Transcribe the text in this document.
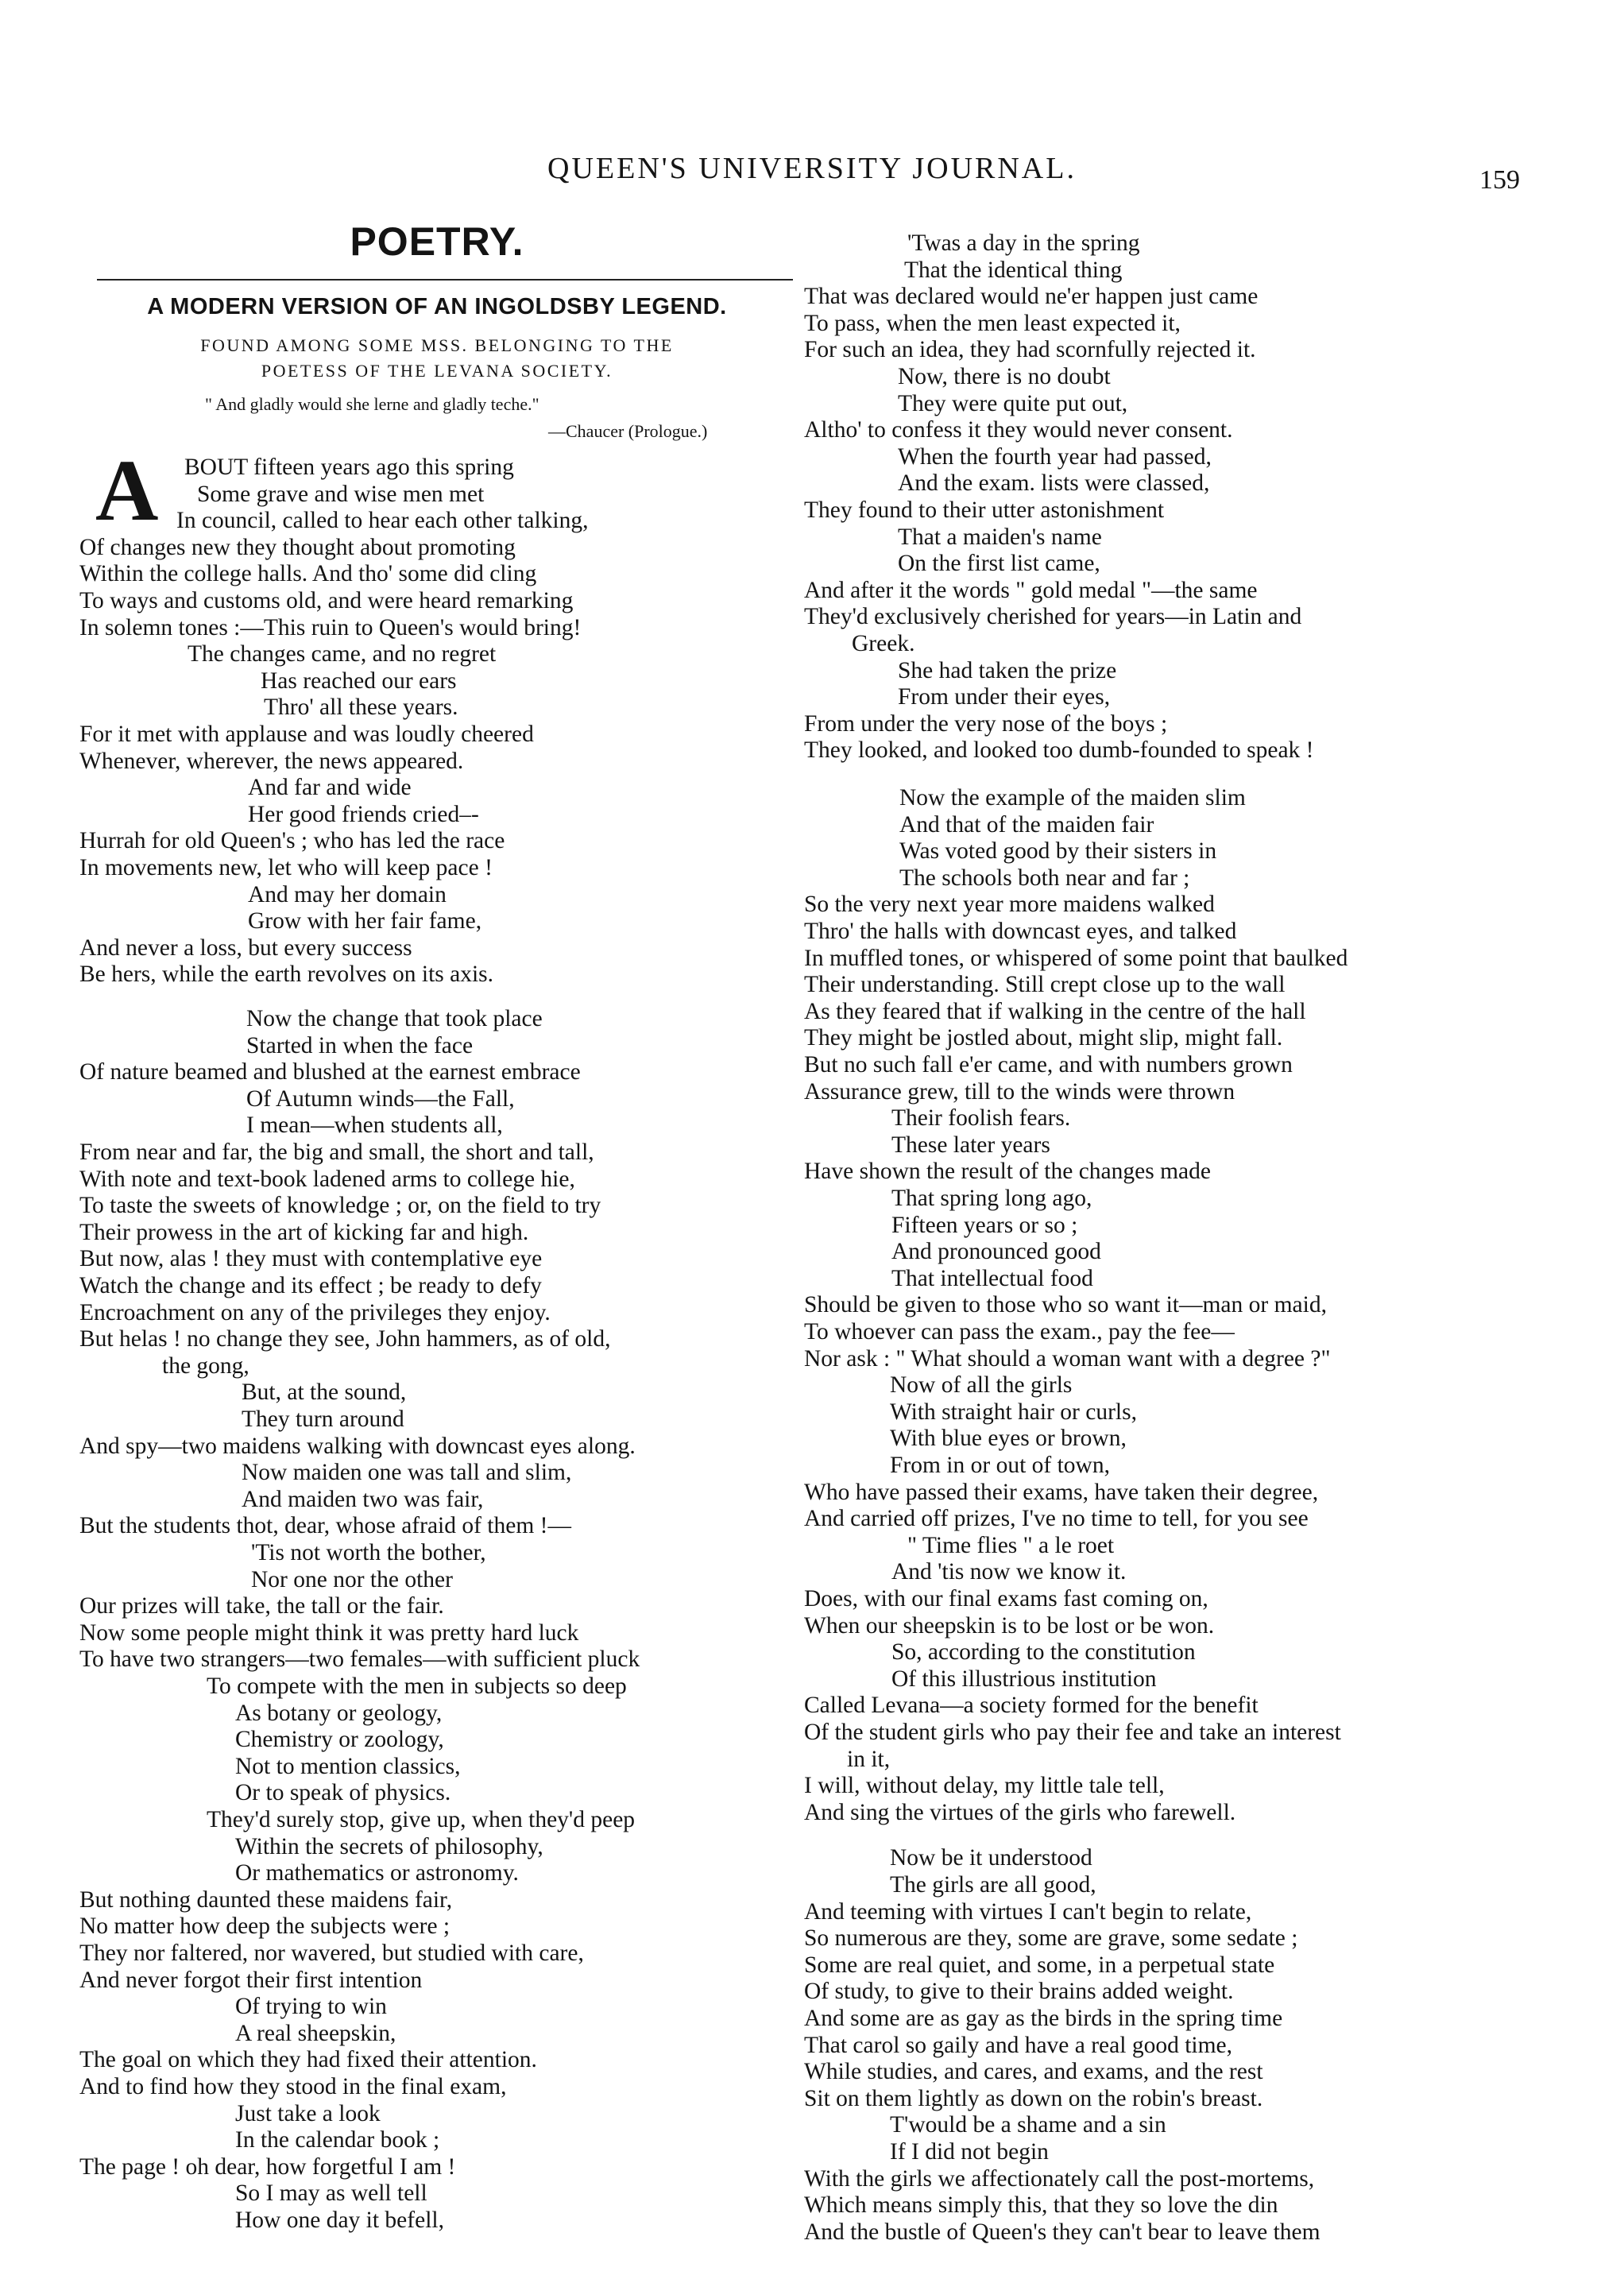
QUEEN'S UNIVERSITY JOURNAL.	159
POETRY.
A MODERN VERSION OF AN INGOLDSBY LEGEND.
FOUND AMONG SOME MSS. BELONGING TO THE
POETESS OF THE LEVANA SOCIETY.
" And gladly would she lerne and gladly teche."
—Chaucer (Prologue.)
A BOUT fifteen years ago this spring
Some grave and wise men met
In council, called to hear each other talking,
Of changes new they thought about promoting
Within the college halls. And tho' some did cling
To ways and customs old, and were heard remarking
In solemn tones :—This ruin to Queen's would bring!
The changes came, and no regret
Has reached our ears
Thro' all these years.
For it met with applause and was loudly cheered
Whenever, wherever, the news appeared.
And far and wide
Her good friends cried–-
Hurrah for old Queen's ; who has led the race
In movements new, let who will keep pace !
And may her domain
Grow with her fair fame,
And never a loss, but every success
Be hers, while the earth revolves on its axis.
Now the change that took place
Started in when the face
Of nature beamed and blushed at the earnest embrace
Of Autumn winds—the Fall,
I mean—when students all,
From near and far, the big and small, the short and tall,
With note and text-book ladened arms to college hie,
To taste the sweets of knowledge ; or, on the field to try
Their prowess in the art of kicking far and high.
But now, alas ! they must with contemplative eye
Watch the change and its effect ; be ready to defy
Encroachment on any of the privileges they enjoy.
But helas ! no change they see, John hammers, as of old,
the gong,
But, at the sound,
They turn around
And spy—two maidens walking with downcast eyes along.
Now maiden one was tall and slim,
And maiden two was fair,
But the students thot, dear, whose afraid of them !—
'Tis not worth the bother,
Nor one nor the other
Our prizes will take, the tall or the fair.
Now some people might think it was pretty hard luck
To have two strangers—two females—with sufficient pluck
To compete with the men in subjects so deep
As botany or geology,
Chemistry or zoology,
Not to mention classics,
Or to speak of physics.
They'd surely stop, give up, when they'd peep
Within the secrets of philosophy,
Or mathematics or astronomy.
But nothing daunted these maidens fair,
No matter how deep the subjects were ;
They nor faltered, nor wavered, but studied with care,
And never forgot their first intention
Of trying to win
A real sheepskin,
The goal on which they had fixed their attention.
And to find how they stood in the final exam,
Just take a look
In the calendar book ;
The page ! oh dear, how forgetful I am !
So I may as well tell
How one day it befell,
'Twas a day in the spring
That the identical thing
That was declared would ne'er happen just came
To pass, when the men least expected it,
For such an idea, they had scornfully rejected it.
Now, there is no doubt
They were quite put out,
Altho' to confess it they would never consent.
When the fourth year had passed,
And the exam. lists were classed,
They found to their utter astonishment
That a maiden's name
On the first list came,
And after it the words " gold medal "—the same
They'd exclusively cherished for years—in Latin and
Greek.
She had taken the prize
From under their eyes,
From under the very nose of the boys ;
They looked, and looked too dumb-founded to speak !
Now the example of the maiden slim
And that of the maiden fair
Was voted good by their sisters in
The schools both near and far ;
So the very next year more maidens walked
Thro' the halls with downcast eyes, and talked
In muffled tones, or whispered of some point that baulked
Their understanding. Still crept close up to the wall
As they feared that if walking in the centre of the hall
They might be jostled about, might slip, might fall.
But no such fall e'er came, and with numbers grown
Assurance grew, till to the winds were thrown
Their foolish fears.
These later years
Have shown the result of the changes made
That spring long ago,
Fifteen years or so ;
And pronounced good
That intellectual food
Should be given to those who so want it—man or maid,
To whoever can pass the exam., pay the fee—
Nor ask : " What should a woman want with a degree ?"
Now of all the girls
With straight hair or curls,
With blue eyes or brown,
From in or out of town,
Who have passed their exams, have taken their degree,
And carried off prizes, I've no time to tell, for you see
" Time flies " a le roet
And 'tis now we know it.
Does, with our final exams fast coming on,
When our sheepskin is to be lost or be won.
So, according to the constitution
Of this illustrious institution
Called Levana—a society formed for the benefit
Of the student girls who pay their fee and take an interest
in it,
I will, without delay, my little tale tell,
And sing the virtues of the girls who farewell.
Now be it understood
The girls are all good,
And teeming with virtues I can't begin to relate,
So numerous are they, some are grave, some sedate ;
Some are real quiet, and some, in a perpetual state
Of study, to give to their brains added weight.
And some are as gay as the birds in the spring time
That carol so gaily and have a real good time,
While studies, and cares, and exams, and the rest
Sit on them lightly as down on the robin's breast.
T'would be a shame and a sin
If I did not begin
With the girls we affectionately call the post-mortems,
Which means simply this, that they so love the din
And the bustle of Queen's they can't bear to leave them
